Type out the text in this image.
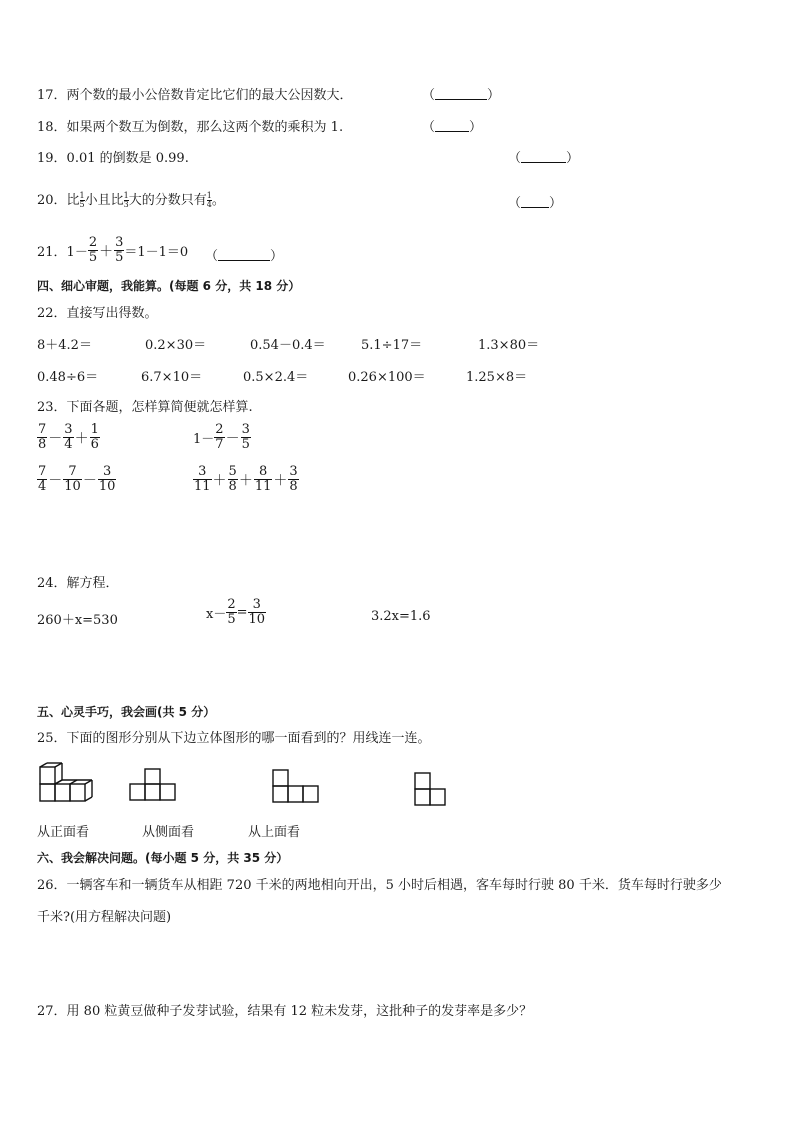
17．两个数的最小公倍数肯定比它们的最大公因数大．	（	）
18．如果两个数互为倒数，那么这两个数的乘积为 1.	（	）
19．0.01 的倒数是 0.99.	（	）
20．比 $\frac{1}{5}$ 小且比 $\frac{1}{3}$ 大的分数只有 $\frac{1}{4}$ 。	（ ）
21．$1- \frac{2}{5} + \frac{3}{5} =1-1=0$ （	）
四、细心审题，我能算。(每题 6 分，共 18 分）
22．直接写出得数。
8＋4.2＝	0.2×30＝	0.54－0.4＝	5.1÷17＝	1.3×80＝
0.48÷6＝	6.7×10＝	0.5×2.4＝	0.26×100＝	1.25×8＝
23．下面各题，怎样算简便就怎样算.
$\frac{7}{8} - \frac{3}{4} + \frac{1}{6}$	$1- \frac{2}{7} - \frac{3}{5}$
$\frac{7}{4} - \frac{7}{10} - \frac{3}{10}$	$\frac{3}{11} + \frac{5}{8} + \frac{8}{11} + \frac{3}{8}$
24．解方程．
260＋x=530	$x- \frac{2}{5} = \frac{3}{10}$	3.2x=1.6
五、心灵手巧，我会画(共 5 分）
25．下面的图形分别从下边立体图形的哪一面看到的？用线连一连。
从正面看	从侧面看	从上面看
六、我会解决问题。(每小题 5 分，共 35 分）
26．一辆客车和一辆货车从相距 720 千米的两地相向开出，5 小时后相遇，客车每时行驶 80 千米．货车每时行驶多少
千米?(用方程解决问题)
27．用 80 粒黄豆做种子发芽试验，结果有 12 粒未发芽，这批种子的发芽率是多少？
